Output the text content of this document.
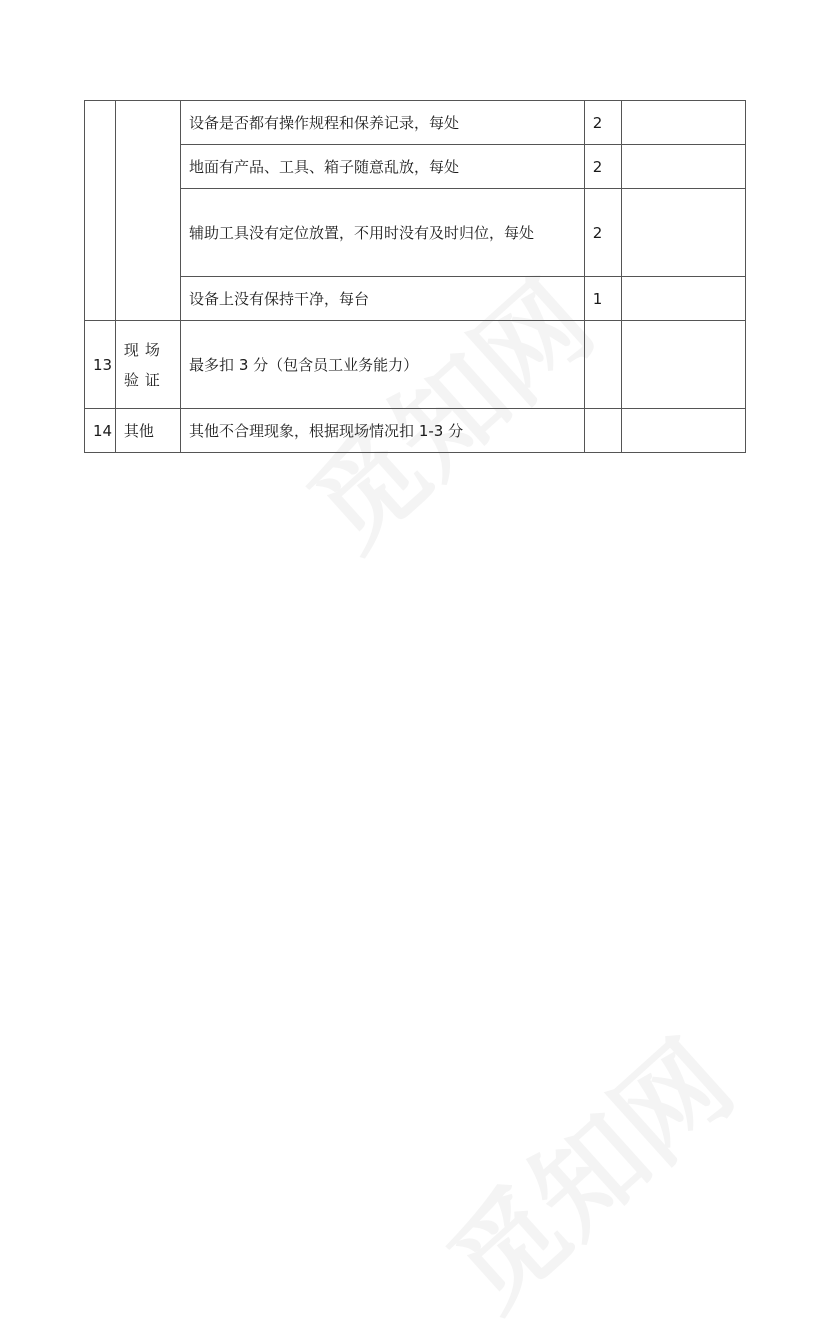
		设备是否都有操作规程和保养记录，每处	2	
		地面有产品、工具、箱子随意乱放，每处	2	
		辅助工具没有定位放置，不用时没有及时归位，每处	2	
		设备上没有保持干净，每台	1	
13	现场验证	最多扣 3 分（包含员工业务能力）		
14	其他	其他不合理现象，根据现场情况扣 1-3 分		
